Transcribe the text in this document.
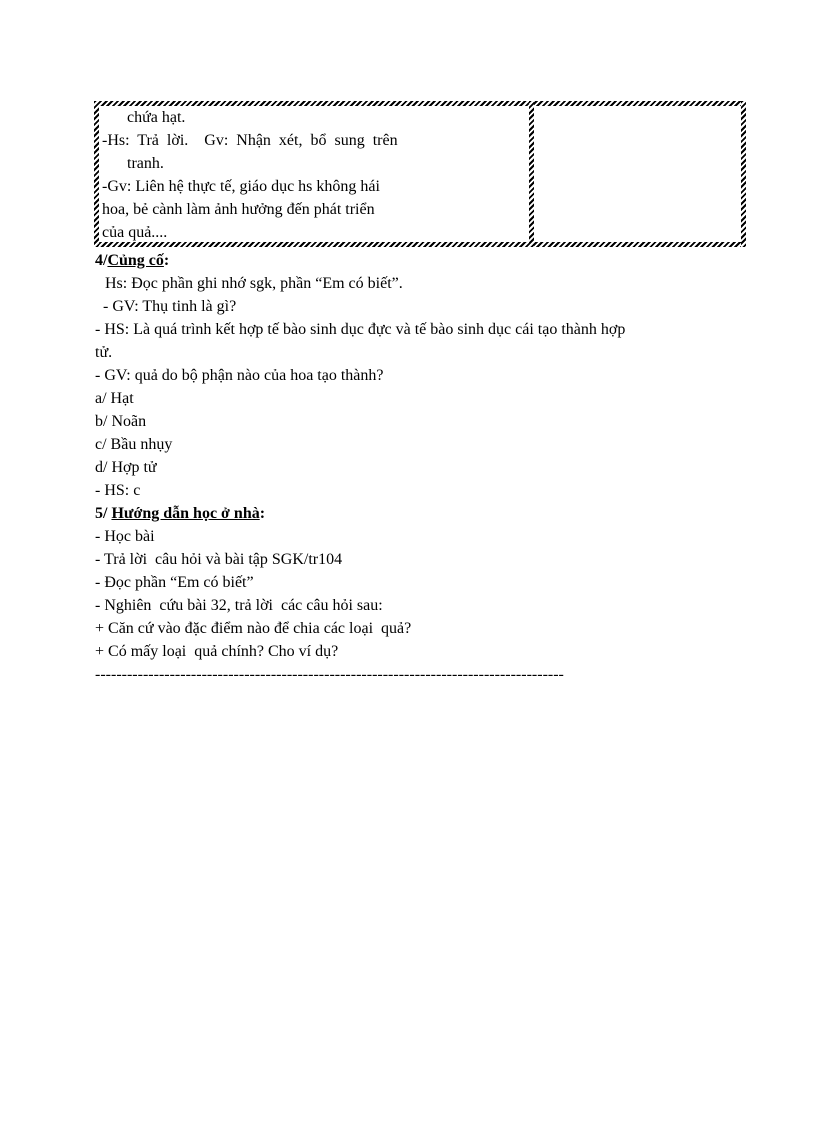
chứa hạt.
-Hs:  Trả  lời.    Gv:  Nhận  xét,  bổ  sung  trên
tranh.
-Gv: Liên hệ thực tế, giáo dục hs không hái
hoa, bẻ cành làm ảnh hưởng đến phát triển
của quả....
4/Củng cố:
Hs: Đọc phần ghi nhớ sgk, phần “Em có biết”.
- GV: Thụ tinh là gì?
- HS: Là quá trình kết hợp tế bào sinh dục đực và tế bào sinh dục cái tạo thành hợp
tử.
- GV: quả do bộ phận nào của hoa tạo thành?
a/ Hạt
b/ Noãn
c/ Bầu nhụy
d/ Hợp tử
- HS: c
5/ Hướng dẫn học ở nhà:
- Học bài
- Trả lời  câu hỏi và bài tập SGK/tr104
- Đọc phần “Em có biết”
- Nghiên  cứu bài 32, trả lời  các câu hỏi sau:
+ Căn cứ vào đặc điểm nào để chia các loại  quả?
+ Có mấy loại  quả chính? Cho ví dụ?
----------------------------------------------------------------------------------------
